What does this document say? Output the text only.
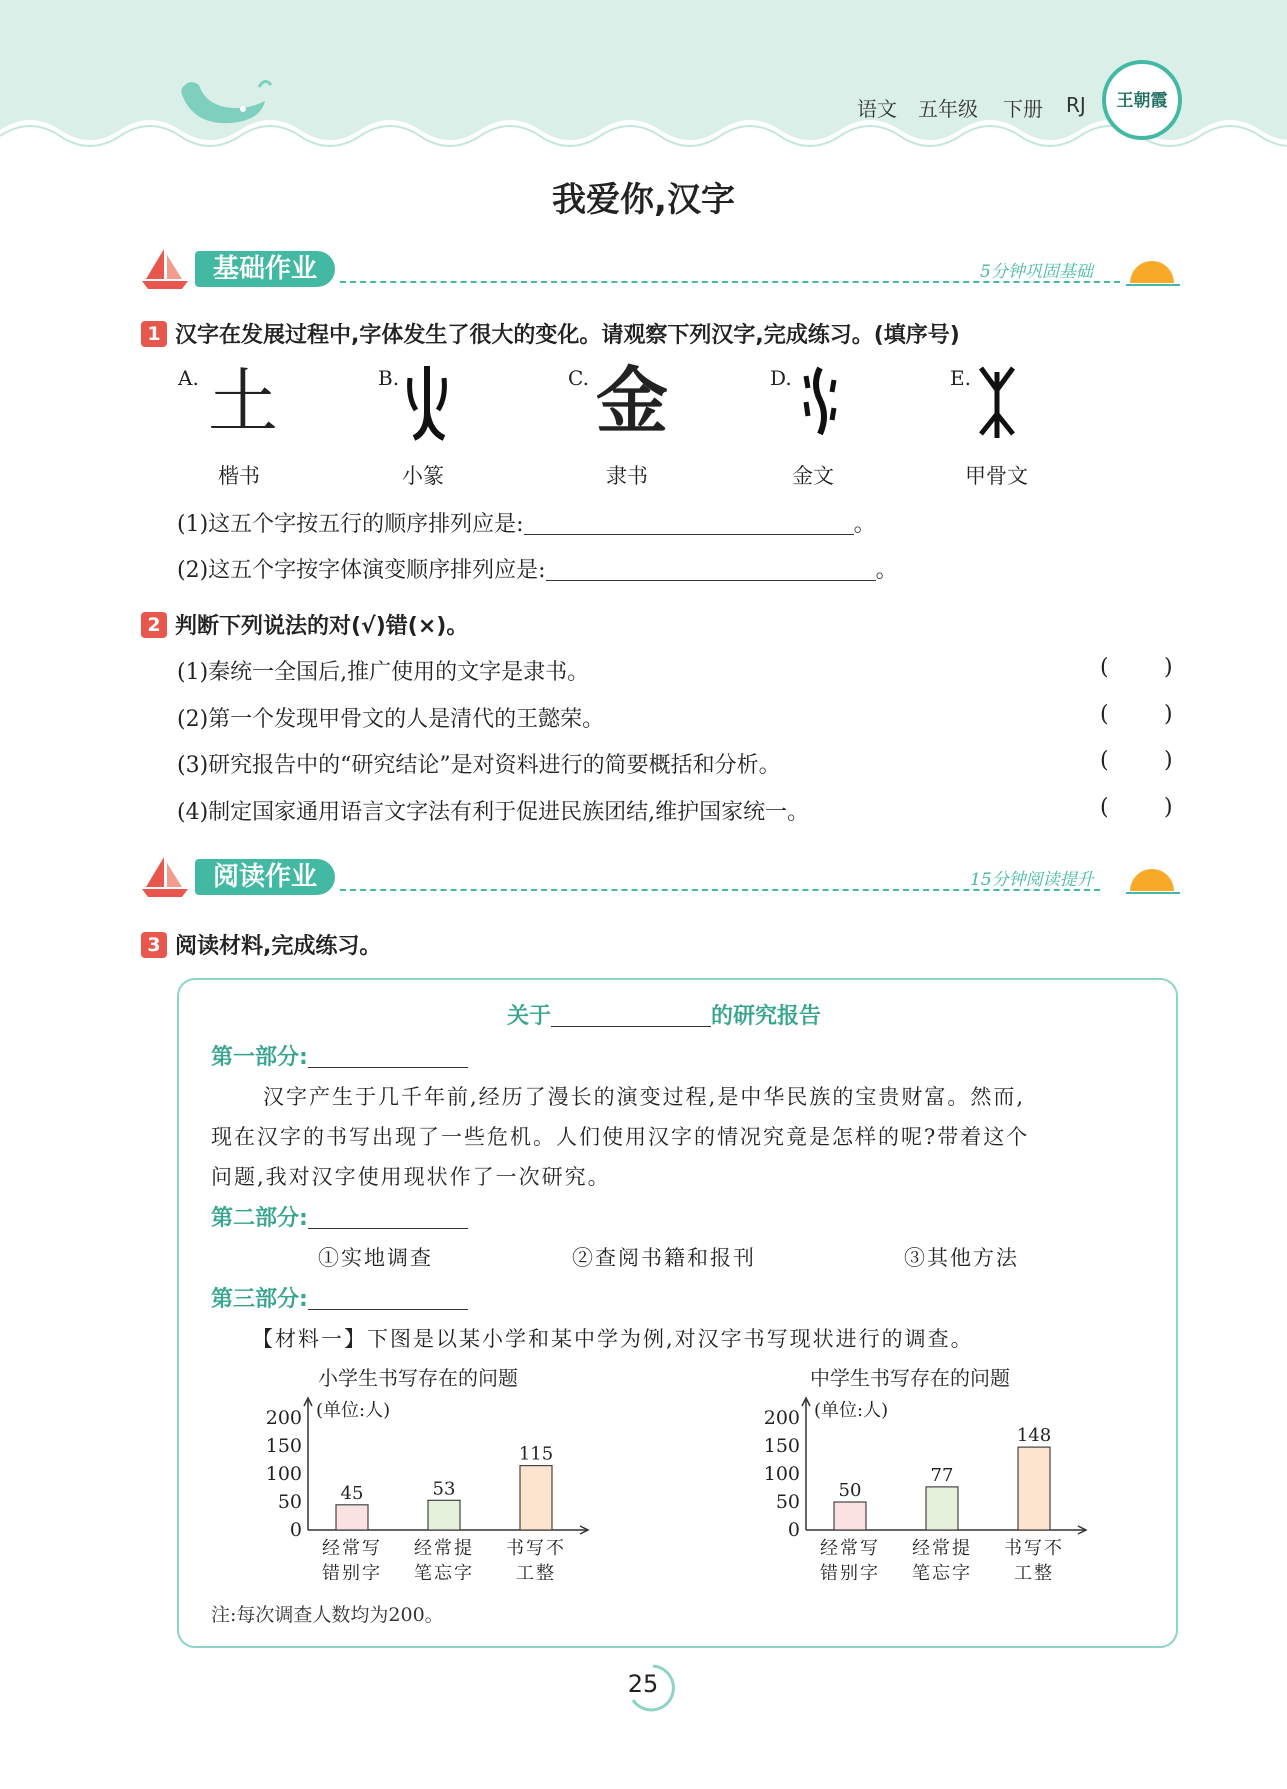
语文 五年级 下册 RJ	王朝霞
我爱你,汉字
基础作业	5分钟巩固基础
1 汉字在发展过程中,字体发生了很大的变化。请观察下列汉字,完成练习。(填序号)
A. 土
楷书
B.
小篆
C. 金
隶书
D.
金文
E.
甲骨文
(1)这五个字按五行的顺序排列应是:	。
(2)这五个字按字体演变顺序排列应是:	。
2 判断下列说法的对(√)错(×)。
(1)秦统一全国后,推广使用的文字是隶书。	(	)
(2)第一个发现甲骨文的人是清代的王懿荣。	(	)
(3)研究报告中的“研究结论”是对资料进行的简要概括和分析。	(	)
(4)制定国家通用语言文字法有利于促进民族团结,维护国家统一。	(	)
阅读作业	15分钟阅读提升
3 阅读材料,完成练习。
关于	的研究报告
第一部分:
汉字产生于几千年前,经历了漫长的演变过程,是中华民族的宝贵财富。然而,
现在汉字的书写出现了一些危机。人们使用汉字的情况究竟是怎样的呢?带着这个
问题,我对汉字使用现状作了一次研究。
第二部分:
①实地调查	②查阅书籍和报刊	③其他方法
第三部分:
【材料一】下图是以某小学和某中学为例,对汉字书写现状进行的调查。
小学生书写存在的问题
(单位:人)
200
150
100
50
0
45
经常写
错别字
53
经常提
笔忘字
115
书写不
工整
中学生书写存在的问题
(单位:人)
200
150
100
50
0
50
经常写
错别字
77
经常提
笔忘字
148
书写不
工整
注:每次调查人数均为200。
25
